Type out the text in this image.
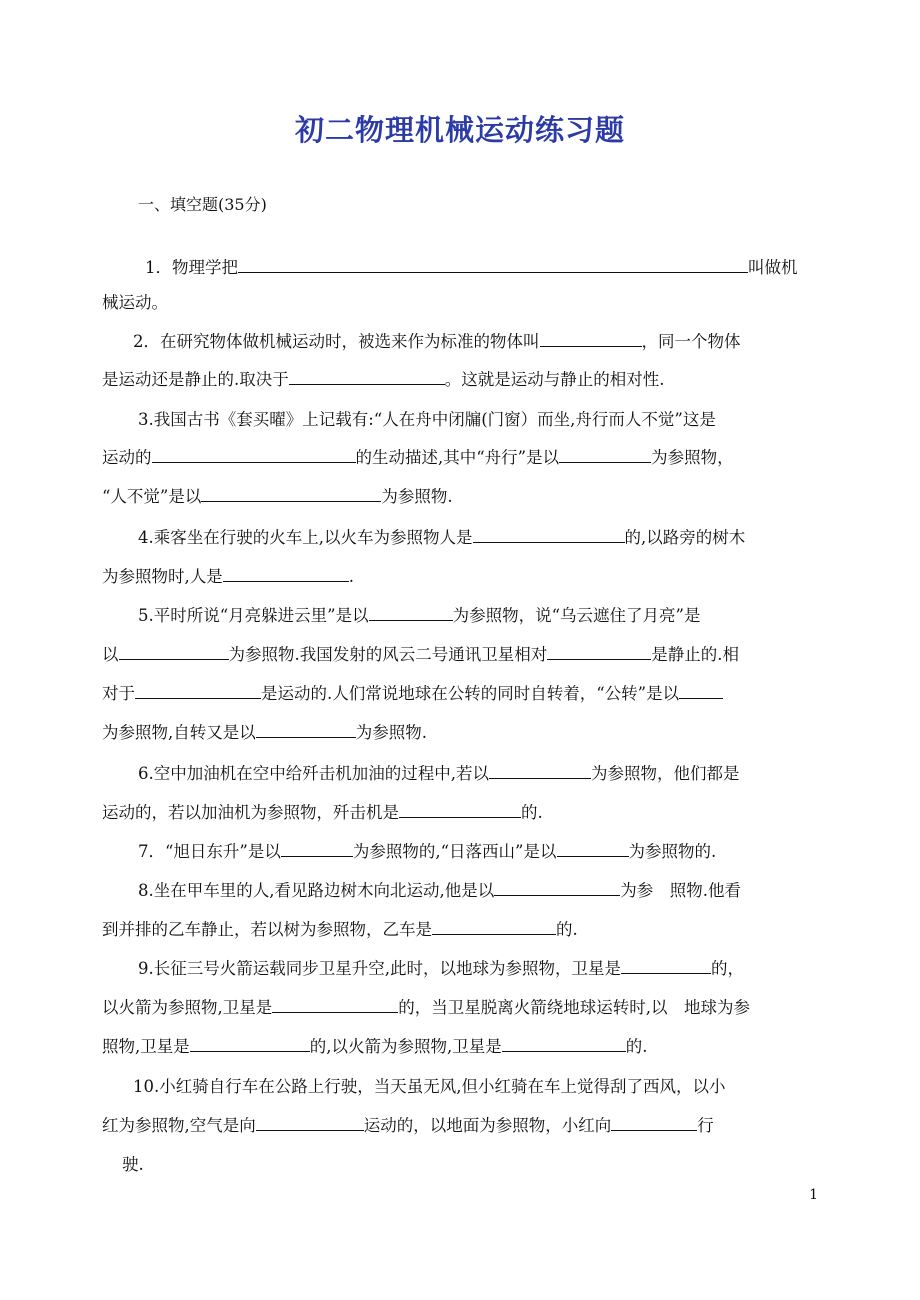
初二物理机械运动练习题
一、填空题(35分)
1．物理学把	叫做机
械运动。
2．在研究物体做机械运动时，被选来作为标准的物体叫	，同一个物体
是运动还是静止的.取决于	。这就是运动与静止的相对性.
3.我国古书《套买曜》上记载有:“人在舟中闭牖(门窗）而坐,舟行而人不觉”这是
运动的	的生动描述,其中“舟行”是以	为参照物，
“人不觉”是以	为参照物.
4.乘客坐在行驶的火车上,以火车为参照物人是	的,以路旁的树木
为参照物时,人是	.
5.平时所说“月亮躲进云里”是以	为参照物，说“乌云遮住了月亮”是
以	为参照物.我国发射的风云二号通讯卫星相对	是静止的.相
对于	是运动的.人们常说地球在公转的同时自转着，“公转”是以
为参照物,自转又是以	为参照物.
6.空中加油机在空中给歼击机加油的过程中,若以	为参照物，他们都是
运动的，若以加油机为参照物，歼击机是	的.
7．“旭日东升”是以	为参照物的,“日落西山”是以	为参照物的.
8.坐在甲车里的人,看见路边树木向北运动,他是以	为参　照物.他看
到并排的乙车静止，若以树为参照物，乙车是	的.
9.长征三号火箭运载同步卫星升空,此时，以地球为参照物，卫星是	的，
以火箭为参照物,卫星是	的，当卫星脱离火箭绕地球运转时,以　地球为参
照物,卫星是	的,以火箭为参照物,卫星是	的.
10.小红骑自行车在公路上行驶，当天虽无风,但小红骑在车上觉得刮了西风，以小
红为参照物,空气是向	运动的，以地面为参照物，小红向	行
驶.
1
